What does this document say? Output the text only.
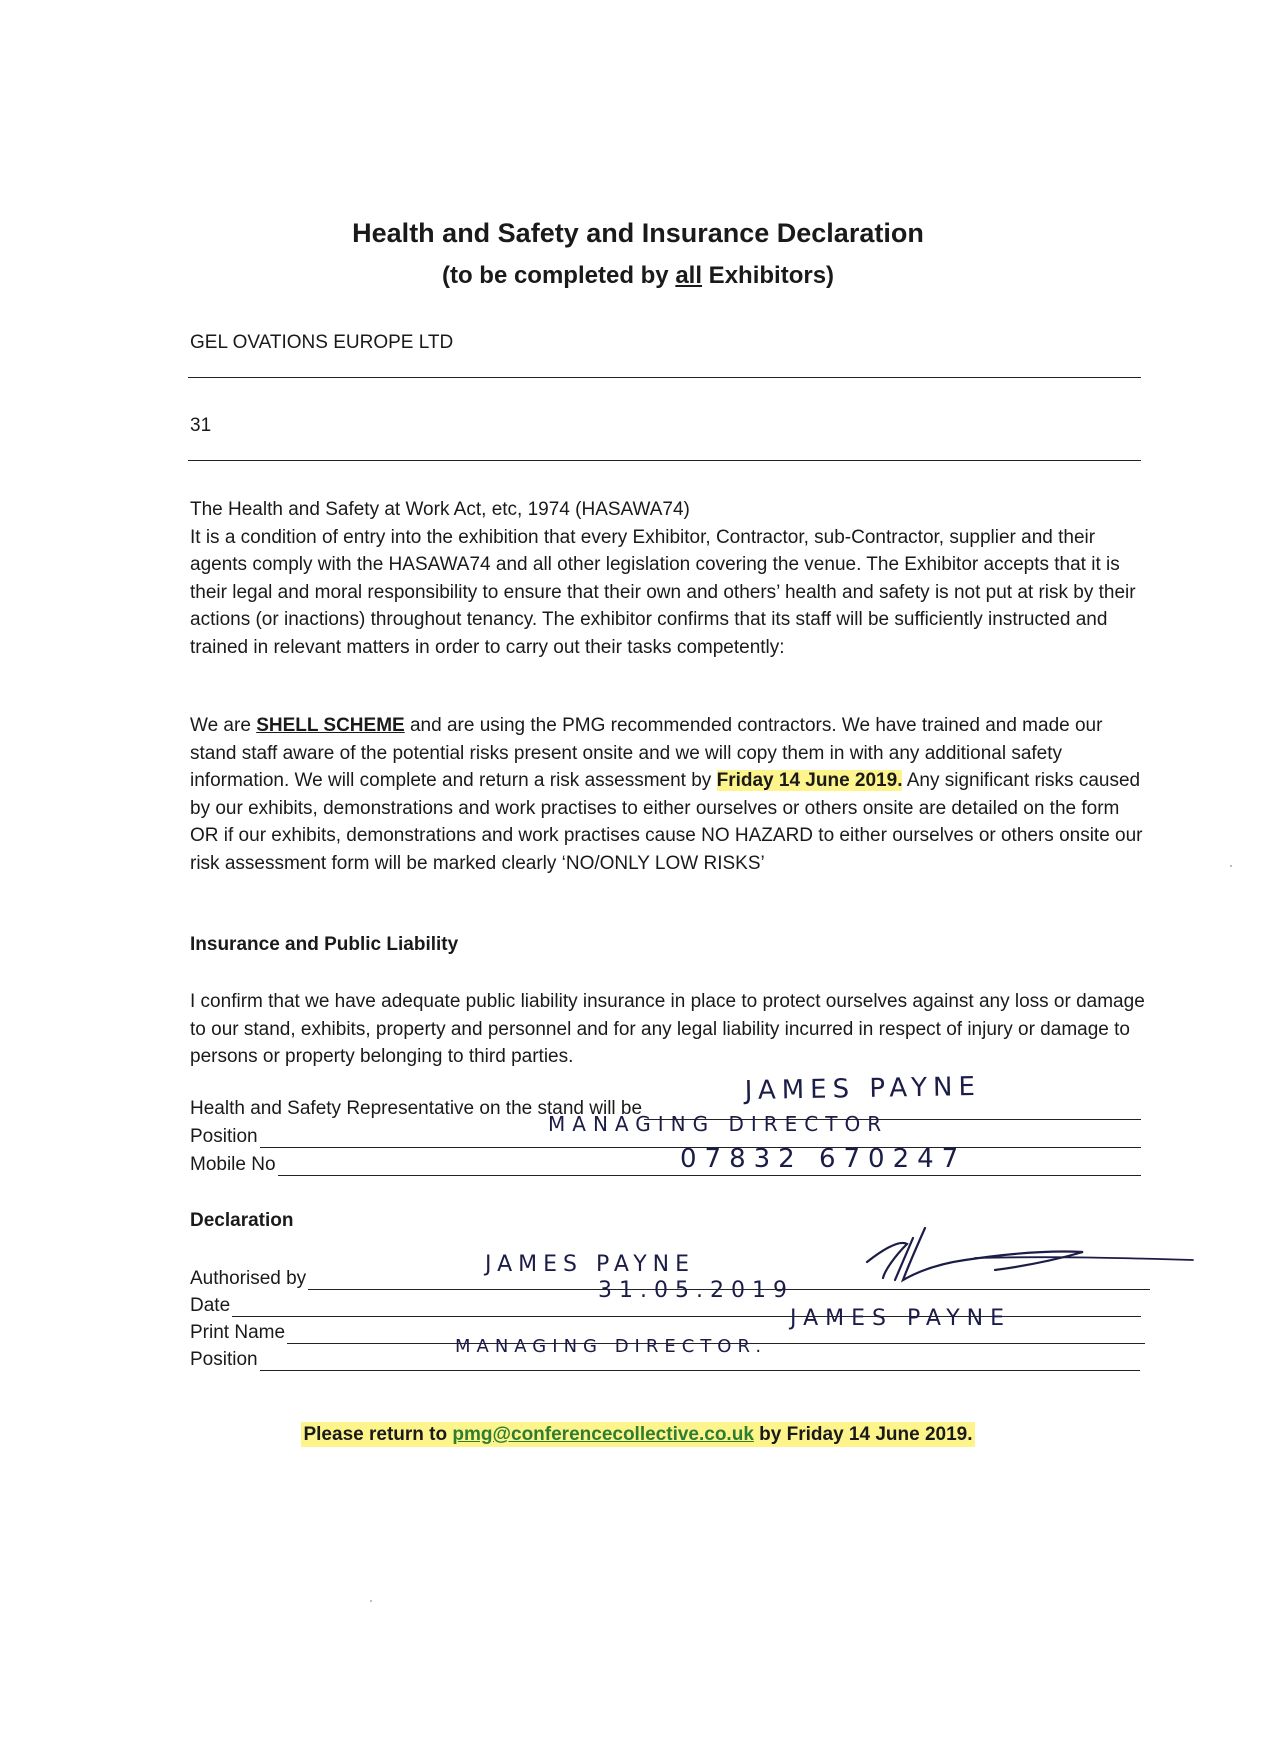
Health and Safety and Insurance Declaration
(to be completed by all Exhibitors)
GEL OVATIONS EUROPE LTD
31

The Health and Safety at Work Act, etc, 1974 (HASAWA74)

It is a condition of entry into the exhibition that every Exhibitor, Contractor, sub-Contractor, supplier and their agents comply with the HASAWA74 and all other legislation covering the venue. The Exhibitor accepts that it is their legal and moral responsibility to ensure that their own and others’ health and safety is not put at risk by their actions (or inactions) throughout tenancy. The exhibitor confirms that its staff will be sufficiently instructed and trained in relevant matters in order to carry out their tasks competently:

We are SHELL SCHEME and are using the PMG recommended contractors. We have trained and made our stand staff aware of the potential risks present onsite and we will copy them in with any additional safety information. We will complete and return a risk assessment by Friday 14 June 2019. Any significant risks caused by our exhibits, demonstrations and work practises to either ourselves or others onsite are detailed on the form OR if our exhibits, demonstrations and work practises cause NO HAZARD to either ourselves or others onsite our risk assessment form will be marked clearly ‘NO/ONLY LOW RISKS’

Insurance and Public Liability

I confirm that we have adequate public liability insurance in place to protect ourselves against any loss or damage to our stand, exhibits, property and personnel and for any legal liability incurred in respect of injury or damage to persons or property belonging to third parties.

Health and Safety Representative on the stand will be
JAMES PAYNE
Position
MANAGING DIRECTOR
Mobile No	07832 670247
Declaration
Authorised by
JAMES PAYNE
Date
31.05.2019
Print Name
JAMES PAYNE
Position
MANAGING DIRECTOR.
Please return to pmg@conferencecollective.co.uk by Friday 14 June 2019.
